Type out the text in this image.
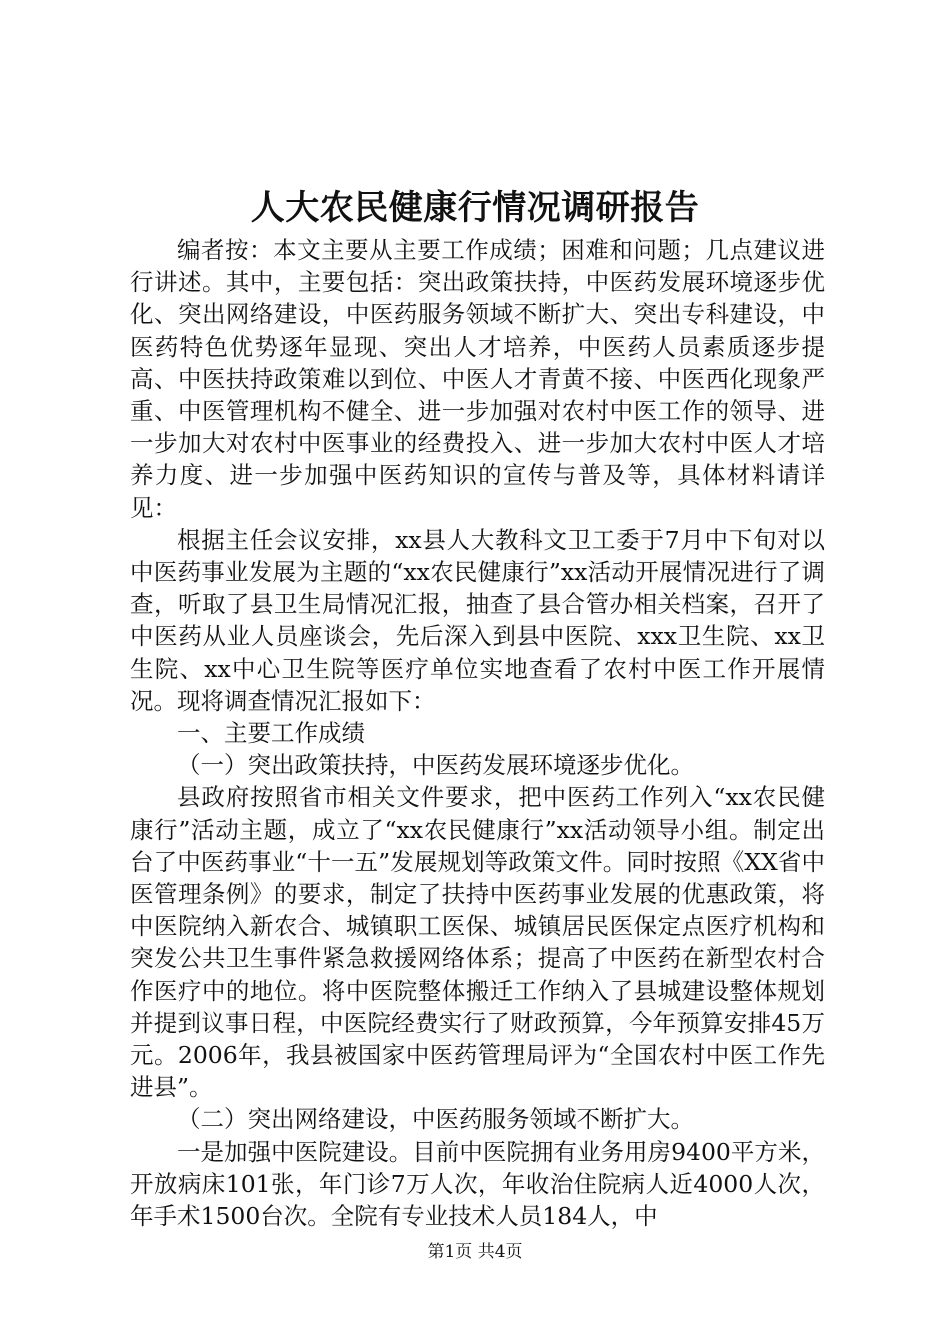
人大农民健康行情况调研报告

编者按：本文主要从主要工作成绩；困难和问题；几点建议进行讲述。其中，主要包括：突出政策扶持，中医药发展环境逐步优化、突出网络建设，中医药服务领域不断扩大、突出专科建设，中医药特色优势逐年显现、突出人才培养，中医药人员素质逐步提高、中医扶持政策难以到位、中医人才青黄不接、中医西化现象严重、中医管理机构不健全、进一步加强对农村中医工作的领导、进一步加大对农村中医事业的经费投入、进一步加大农村中医人才培养力度、进一步加强中医药知识的宣传与普及等，具体材料请详见：

根据主任会议安排，xx县人大教科文卫工委于7月中下旬对以中医药事业发展为主题的“xx农民健康行”xx活动开展情况进行了调查，听取了县卫生局情况汇报，抽查了县合管办相关档案，召开了中医药从业人员座谈会，先后深入到县中医院、xxx卫生院、xx卫生院、xx中心卫生院等医疗单位实地查看了农村中医工作开展情况。现将调查情况汇报如下：

一、主要工作成绩

（一）突出政策扶持，中医药发展环境逐步优化。

县政府按照省市相关文件要求，把中医药工作列入“xx农民健康行”活动主题，成立了“xx农民健康行”xx活动领导小组。制定出台了中医药事业“十一五”发展规划等政策文件。同时按照《XX省中医管理条例》的要求，制定了扶持中医药事业发展的优惠政策，将中医院纳入新农合、城镇职工医保、城镇居民医保定点医疗机构和突发公共卫生事件紧急救援网络体系；提高了中医药在新型农村合作医疗中的地位。将中医院整体搬迁工作纳入了县城建设整体规划并提到议事日程，中医院经费实行了财政预算，今年预算安排45万元。2006年，我县被国家中医药管理局评为“全国农村中医工作先进县”。

（二）突出网络建设，中医药服务领域不断扩大。

一是加强中医院建设。目前中医院拥有业务用房9400平方米，开放病床101张，年门诊7万人次，年收治住院病人近4000人次，年手术1500台次。全院有专业技术人员184人，中

第1页 共4页
